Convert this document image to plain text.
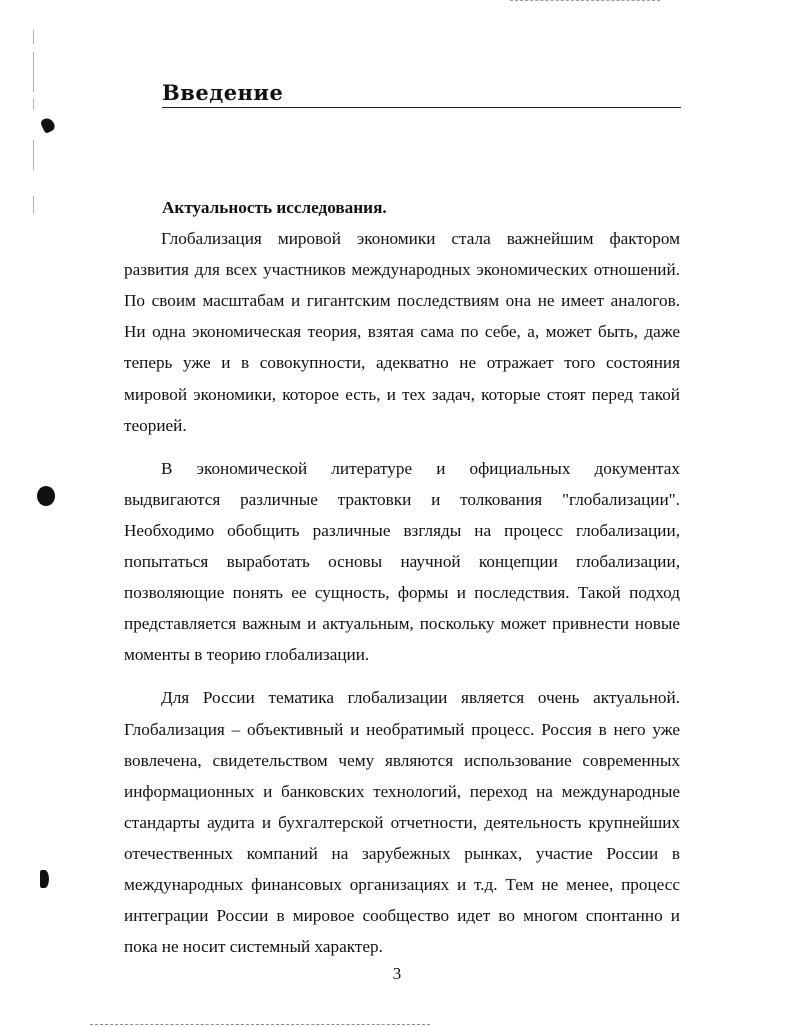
Введение

Актуальность исследования.

Глобализация мировой экономики стала важнейшим фактором развития для всех участников международных экономических отношений. По своим масштабам и гигантским последствиям она не имеет аналогов. Ни одна экономическая теория, взятая сама по себе, а, может быть, даже теперь уже и в совокупности, адекватно не отражает того состояния мировой экономики, которое есть, и тех задач, которые стоят перед такой теорией.

В экономической литературе и официальных документах выдвигаются различные трактовки и толкования "глобализации". Необходимо обобщить различные взгляды на процесс глобализации, попытаться выработать основы научной концепции глобализации, позволяющие понять ее сущность, формы и последствия. Такой подход представляется важным и актуальным, поскольку может привнести новые моменты в теорию глобализации.

Для России тематика глобализации является очень актуальной. Глобализация – объективный и необратимый процесс. Россия в него уже вовлечена, свидетельством чему являются использование современных информационных и банковских технологий, переход на международные стандарты аудита и бухгалтерской отчетности, деятельность крупнейших отечественных компаний на зарубежных рынках, участие России в международных финансовых организациях и т.д. Тем не менее, процесс интеграции России в мировое сообщество идет во многом спонтанно и пока не носит системный характер.

3
